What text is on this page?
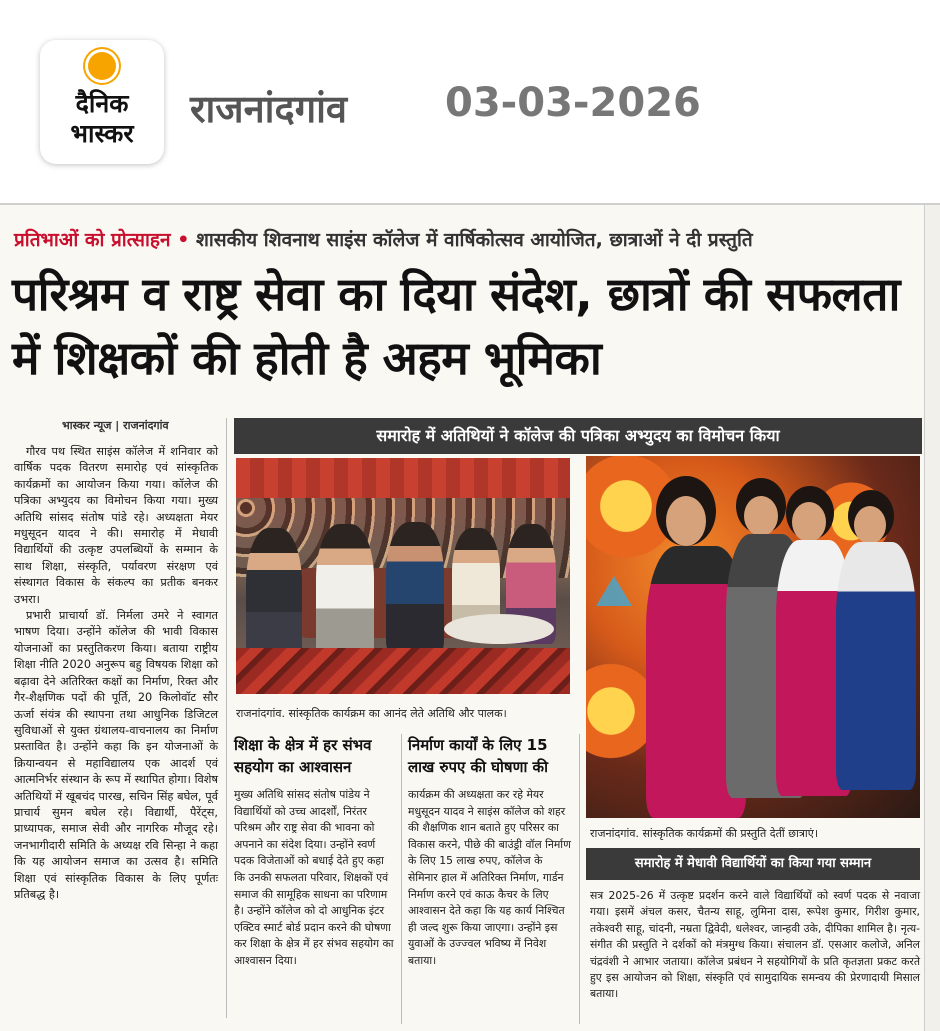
दैनिक
भास्कर
राजनांदगांव 03-03-2026
प्रतिभाओं को प्रोत्साहन • शासकीय शिवनाथ साइंस कॉलेज में वार्षिकोत्सव आयोजित, छात्राओं ने दी प्रस्तुति
परिश्रम व राष्ट्र सेवा का दिया संदेश, छात्रों की सफलता में शिक्षकों की होती है अहम भूमिका
भास्कर न्यूज | राजनांदगांव

गौरव पथ स्थित साइंस कॉलेज में शनिवार को वार्षिक पदक वितरण समारोह एवं सांस्कृतिक कार्यक्रमों का आयोजन किया गया। कॉलेज की पत्रिका अभ्युदय का विमोचन किया गया। मुख्य अतिथि सांसद संतोष पांडे रहे। अध्यक्षता मेयर मधुसूदन यादव ने की। समारोह में मेधावी विद्यार्थियों की उत्कृष्ट उपलब्धियों के सम्मान के साथ शिक्षा, संस्कृति, पर्यावरण संरक्षण एवं संस्थागत विकास के संकल्प का प्रतीक बनकर उभरा।

प्रभारी प्राचार्या डॉ. निर्मला उमरे ने स्वागत भाषण दिया। उन्होंने कॉलेज की भावी विकास योजनाओं का प्रस्तुतिकरण किया। बताया राष्ट्रीय शिक्षा नीति 2020 अनुरूप बहु विषयक शिक्षा को बढ़ावा देने अतिरिक्त कक्षों का निर्माण, रिक्त और गैर-शैक्षणिक पदों की पूर्ति, 20 किलोवॉट सौर ऊर्जा संयंत्र की स्थापना तथा आधुनिक डिजिटल सुविधाओं से युक्त ग्रंथालय-वाचनालय का निर्माण प्रस्तावित है। उन्होंने कहा कि इन योजनाओं के क्रियान्वयन से महाविद्यालय एक आदर्श एवं आत्मनिर्भर संस्थान के रूप में स्थापित होगा। विशेष अतिथियों में खूबचंद पारख, सचिन सिंह बघेल, पूर्व प्राचार्य सुमन बघेल रहे। विद्यार्थी, पैरेंट्स, प्राध्यापक, समाज सेवी और नागरिक मौजूद रहे। जनभागीदारी समिति के अध्यक्ष रवि सिन्हा ने कहा कि यह आयोजन समाज का उत्सव है। समिति शिक्षा एवं सांस्कृतिक विकास के लिए पूर्णतः प्रतिबद्ध है।

समारोह में अतिथियों ने कॉलेज की पत्रिका अभ्युदय का विमोचन किया
राजनांदगांव. सांस्कृतिक कार्यक्रम का आनंद लेते अतिथि और पालक।
राजनांदगांव. सांस्कृतिक कार्यक्रमों की प्रस्तुति देतीं छात्राएं।
शिक्षा के क्षेत्र में हर संभव सहयोग का आश्वासन
निर्माण कार्यों के लिए 15 लाख रुपए की घोषणा की
मुख्य अतिथि सांसद संतोष पांडेय ने विद्यार्थियों को उच्च आदर्शों, निरंतर परिश्रम और राष्ट्र सेवा की भावना को अपनाने का संदेश दिया। उन्होंने स्वर्ण पदक विजेताओं को बधाई देते हुए कहा कि उनकी सफलता परिवार, शिक्षकों एवं समाज की सामूहिक साधना का परिणाम है। उन्होंने कॉलेज को दो आधुनिक इंटर एक्टिव स्मार्ट बोर्ड प्रदान करने की घोषणा कर शिक्षा के क्षेत्र में हर संभव सहयोग का आश्वासन दिया।
कार्यक्रम की अध्यक्षता कर रहे मेयर मधुसूदन यादव ने साइंस कॉलेज को शहर की शैक्षणिक शान बताते हुए परिसर का विकास करने, पीछे की बाउंड्री वॉल निर्माण के लिए 15 लाख रुपए, कॉलेज के सेमिनार हाल में अतिरिक्त निर्माण, गार्डन निर्माण करने एवं काऊ कैचर के लिए आश्वासन देते कहा कि यह कार्य निश्चित ही जल्द शुरू किया जाएगा। उन्होंने इस युवाओं के उज्ज्वल भविष्य में निवेश बताया।
समारोह में मेधावी विद्यार्थियों का किया गया सम्मान
सत्र 2025-26 में उत्कृष्ट प्रदर्शन करने वाले विद्यार्थियों को स्वर्ण पदक से नवाजा गया। इसमें अंचल कसर, चैतन्य साहू, लुमिना दास, रूपेश कुमार, गिरीश कुमार, तकेश्वरी साहू, चांदनी, नम्रता द्विवेदी, धलेश्वर, जान्हवी उके, दीपिका शामिल है। नृत्य-संगीत की प्रस्तुति ने दर्शकों को मंत्रमुग्ध किया। संचालन डॉ. एसआर कलोजे, अनिल चंद्रवंशी ने आभार जताया। कॉलेज प्रबंधन ने सहयोगियों के प्रति कृतज्ञता प्रकट करते हुए इस आयोजन को शिक्षा, संस्कृति एवं सामुदायिक समन्वय की प्रेरणादायी मिसाल बताया।
